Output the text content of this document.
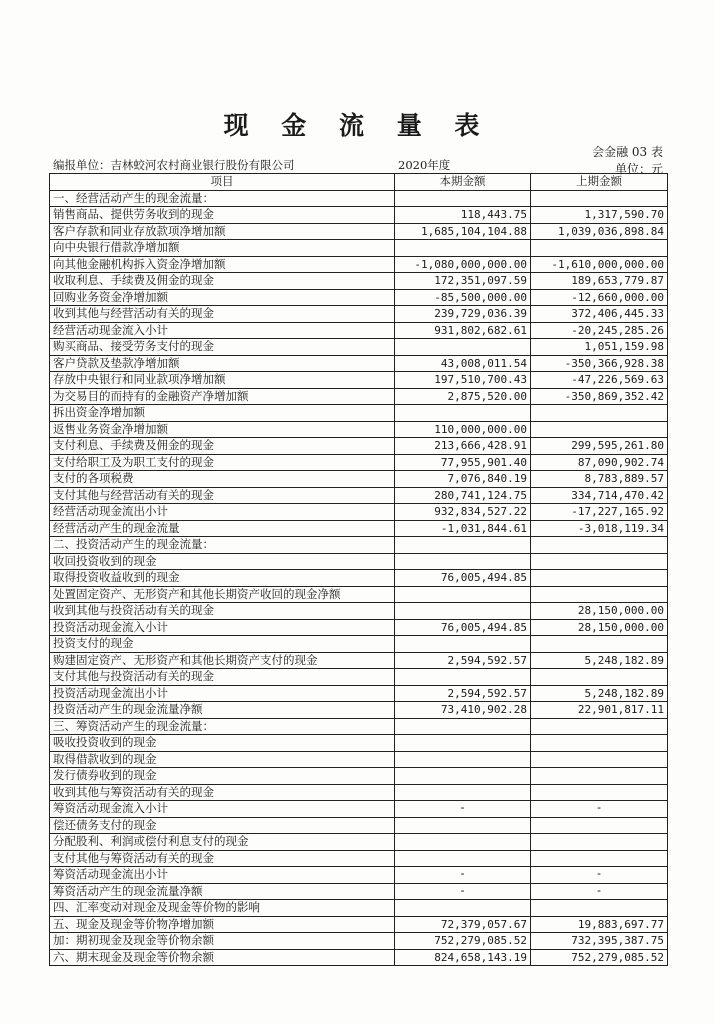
现 金 流 量 表
会金融 03 表
单位：元
编报单位：吉林蛟河农村商业银行股份有限公司	2020年度
项目	本期金额	上期金额
一、经营活动产生的现金流量：		
销售商品、提供劳务收到的现金	118,443.75	1,317,590.70
客户存款和同业存放款项净增加额	1,685,104,104.88	1,039,036,898.84
向中央银行借款净增加额		
向其他金融机构拆入资金净增加额	-1,080,000,000.00	-1,610,000,000.00
收取利息、手续费及佣金的现金	172,351,097.59	189,653,779.87
回购业务资金净增加额	-85,500,000.00	-12,660,000.00
收到其他与经营活动有关的现金	239,729,036.39	372,406,445.33
经营活动现金流入小计	931,802,682.61	-20,245,285.26
购买商品、接受劳务支付的现金		1,051,159.98
客户贷款及垫款净增加额	43,008,011.54	-350,366,928.38
存放中央银行和同业款项净增加额	197,510,700.43	-47,226,569.63
为交易目的而持有的金融资产净增加额	2,875,520.00	-350,869,352.42
拆出资金净增加额		
返售业务资金净增加额	110,000,000.00	
支付利息、手续费及佣金的现金	213,666,428.91	299,595,261.80
支付给职工及为职工支付的现金	77,955,901.40	87,090,902.74
支付的各项税费	7,076,840.19	8,783,889.57
支付其他与经营活动有关的现金	280,741,124.75	334,714,470.42
经营活动现金流出小计	932,834,527.22	-17,227,165.92
经营活动产生的现金流量	-1,031,844.61	-3,018,119.34
二、投资活动产生的现金流量：		
收回投资收到的现金		
取得投资收益收到的现金	76,005,494.85	
处置固定资产、无形资产和其他长期资产收回的现金净额		
收到其他与投资活动有关的现金		28,150,000.00
投资活动现金流入小计	76,005,494.85	28,150,000.00
投资支付的现金		
购建固定资产、无形资产和其他长期资产支付的现金	2,594,592.57	5,248,182.89
支付其他与投资活动有关的现金		
投资活动现金流出小计	2,594,592.57	5,248,182.89
投资活动产生的现金流量净额	73,410,902.28	22,901,817.11
三、筹资活动产生的现金流量：		
吸收投资收到的现金		
取得借款收到的现金		
发行债券收到的现金		
收到其他与筹资活动有关的现金		
筹资活动现金流入小计	-	-
偿还债务支付的现金		
分配股利、利润或偿付利息支付的现金		
支付其他与筹资活动有关的现金		
筹资活动现金流出小计	-	-
筹资活动产生的现金流量净额	-	-
四、汇率变动对现金及现金等价物的影响		
五、现金及现金等价物净增加额	72,379,057.67	19,883,697.77
加：期初现金及现金等价物余额	752,279,085.52	732,395,387.75
六、期末现金及现金等价物余额	824,658,143.19	752,279,085.52
